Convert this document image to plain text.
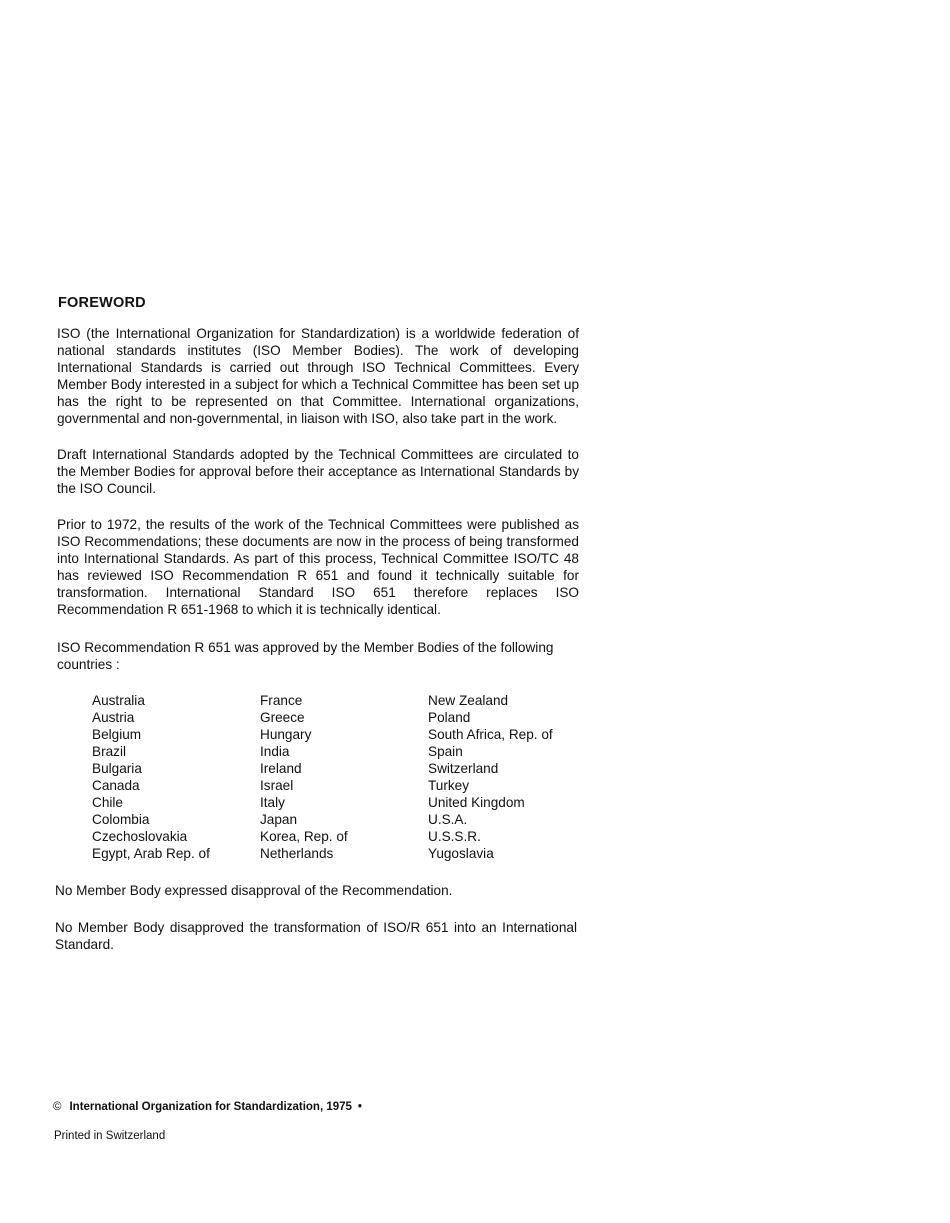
FOREWORD

ISO (the International Organization for Standardization) is a worldwide federation of national standards institutes (ISO Member Bodies). The work of developing International Standards is carried out through ISO Technical Committees. Every Member Body interested in a subject for which a Technical Committee has been set up has the right to be represented on that Committee. International organizations, governmental and non-governmental, in liaison with ISO, also take part in the work.

Draft International Standards adopted by the Technical Committees are circulated to the Member Bodies for approval before their acceptance as International Standards by the ISO Council.

Prior to 1972, the results of the work of the Technical Committees were published as ISO Recommendations; these documents are now in the process of being transformed into International Standards. As part of this process, Technical Committee ISO/TC 48 has reviewed ISO Recommendation R 651 and found it technically suitable for transformation. International Standard ISO 651 therefore replaces ISO Recommendation R 651-1968 to which it is technically identical.

ISO Recommendation R 651 was approved by the Member Bodies of the following countries :

Australia
Austria
Belgium
Brazil
Bulgaria
Canada
Chile
Colombia
Czechoslovakia
Egypt, Arab Rep. of
France
Greece
Hungary
India
Ireland
Israel
Italy
Japan
Korea, Rep. of
Netherlands
New Zealand
Poland
South Africa, Rep. of
Spain
Switzerland
Turkey
United Kingdom
U.S.A.
U.S.S.R.
Yugoslavia

No Member Body expressed disapproval of the Recommendation.

No Member Body disapproved the transformation of ISO/R 651 into an International Standard.

© International Organization for Standardization, 1975 •
Printed in Switzerland
